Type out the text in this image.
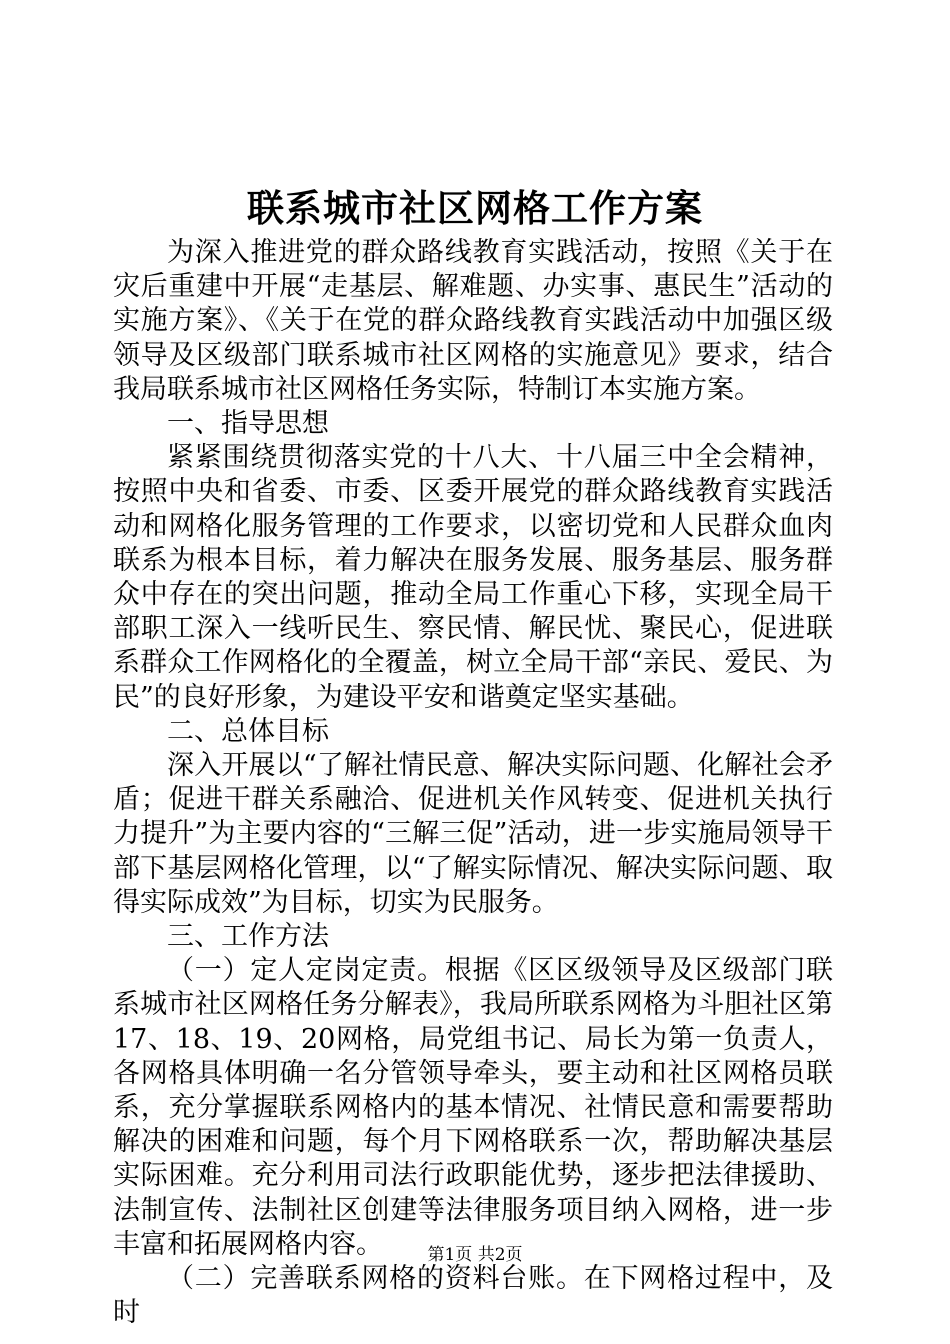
联系城市社区网格工作方案

为深入推进党的群众路线教育实践活动，按照《关于在灾后重建中开展“走基层、解难题、办实事、惠民生”活动的实施方案》、《关于在党的群众路线教育实践活动中加强区级领导及区级部门联系城市社区网格的实施意见》要求，结合我局联系城市社区网格任务实际，特制订本实施方案。

一、指导思想

紧紧围绕贯彻落实党的十八大、十八届三中全会精神，按照中央和省委、市委、区委开展党的群众路线教育实践活动和网格化服务管理的工作要求，以密切党和人民群众血肉联系为根本目标，着力解决在服务发展、服务基层、服务群众中存在的突出问题，推动全局工作重心下移，实现全局干部职工深入一线听民生、察民情、解民忧、聚民心，促进联系群众工作网格化的全覆盖，树立全局干部“亲民、爱民、为民”的良好形象，为建设平安和谐奠定坚实基础。

二、总体目标

深入开展以“了解社情民意、解决实际问题、化解社会矛盾；促进干群关系融洽、促进机关作风转变、促进机关执行力提升”为主要内容的“三解三促”活动，进一步实施局领导干部下基层网格化管理，以“了解实际情况、解决实际问题、取得实际成效”为目标，切实为民服务。

三、工作方法

（一）定人定岗定责。根据《区区级领导及区级部门联系城市社区网格任务分解表》，我局所联系网格为斗胆社区第17、18、19、20网格，局党组书记、局长为第一负责人，各网格具体明确一名分管领导牵头，要主动和社区网格员联系，充分掌握联系网格内的基本情况、社情民意和需要帮助解决的困难和问题，每个月下网格联系一次，帮助解决基层实际困难。充分利用司法行政职能优势，逐步把法律援助、法制宣传、法制社区创建等法律服务项目纳入网格，进一步丰富和拓展网格内容。

（二）完善联系网格的资料台账。在下网格过程中，及时

第1页 共2页
